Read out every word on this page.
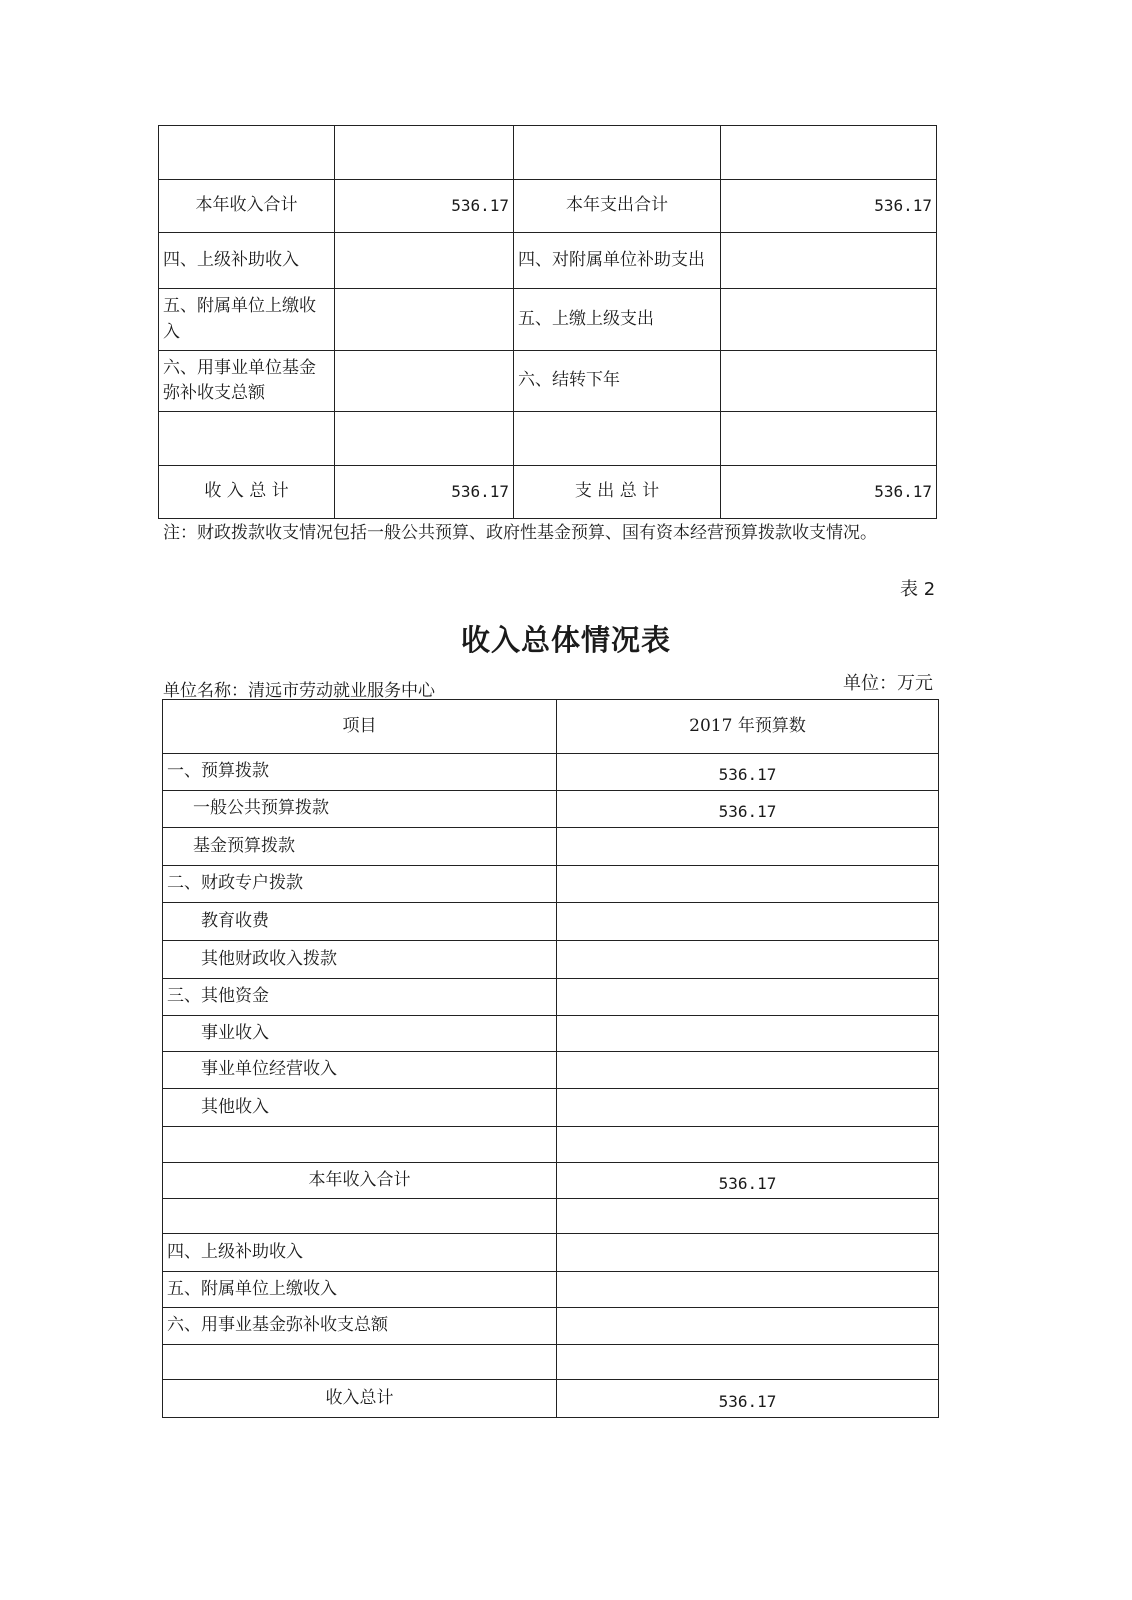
本年收入合计	536.17	本年支出合计	536.17
四、上级补助收入		四、对附属单位补助支出	
五、附属单位上缴收入		五、上缴上级支出	
六、用事业单位基金弥补收支总额		六、结转下年	

收 入 总 计	536.17	支 出 总 计	536.17
注：财政拨款收支情况包括一般公共预算、政府性基金预算、国有资本经营预算拨款收支情况。
表 2
收入总体情况表
单位名称：清远市劳动就业服务中心	单位：万元
项目	2017 年预算数
一、预算拨款	536.17
一般公共预算拨款	536.17
基金预算拨款	
二、财政专户拨款	
教育收费	
其他财政收入拨款	
三、其他资金	
事业收入	
事业单位经营收入	
其他收入	

本年收入合计	536.17

四、上级补助收入	
五、附属单位上缴收入	
六、用事业基金弥补收支总额	

收入总计	536.17
